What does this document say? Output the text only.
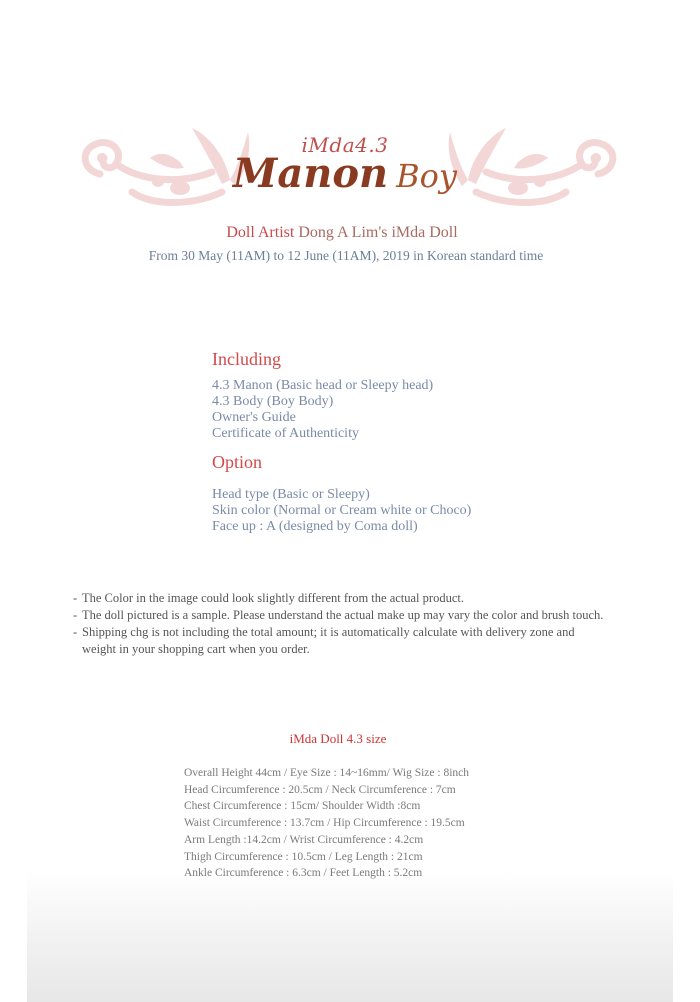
iMda4.3
Manon Boy
Doll Artist Dong A Lim's iMda Doll
From 30 May (11AM) to 12 June (11AM), 2019 in Korean standard time
Including
4.3 Manon (Basic head or Sleepy head)
4.3 Body (Boy Body)
Owner's Guide
Certificate of Authenticity
Option
Head type (Basic or Sleepy)
Skin color (Normal or Cream white or Choco)
Face up : A (designed by Coma doll)
- The Color in the image could look slightly different from the actual product.
- The doll pictured is a sample. Please understand the actual make up may vary the color and brush touch.
- Shipping chg is not including the total amount; it is automatically calculate with delivery zone and
weight in your shopping cart when you order.
iMda Doll 4.3 size
Overall Height 44cm / Eye Size : 14~16mm/ Wig Size : 8inch
Head Circumference : 20.5cm / Neck Circumference : 7cm
Chest Circumference : 15cm/ Shoulder Width :8cm
Waist Circumference : 13.7cm / Hip Circumference : 19.5cm
Arm Length :14.2cm / Wrist Circumference : 4.2cm
Thigh Circumference : 10.5cm / Leg Length : 21cm
Ankle Circumference : 6.3cm / Feet Length : 5.2cm
